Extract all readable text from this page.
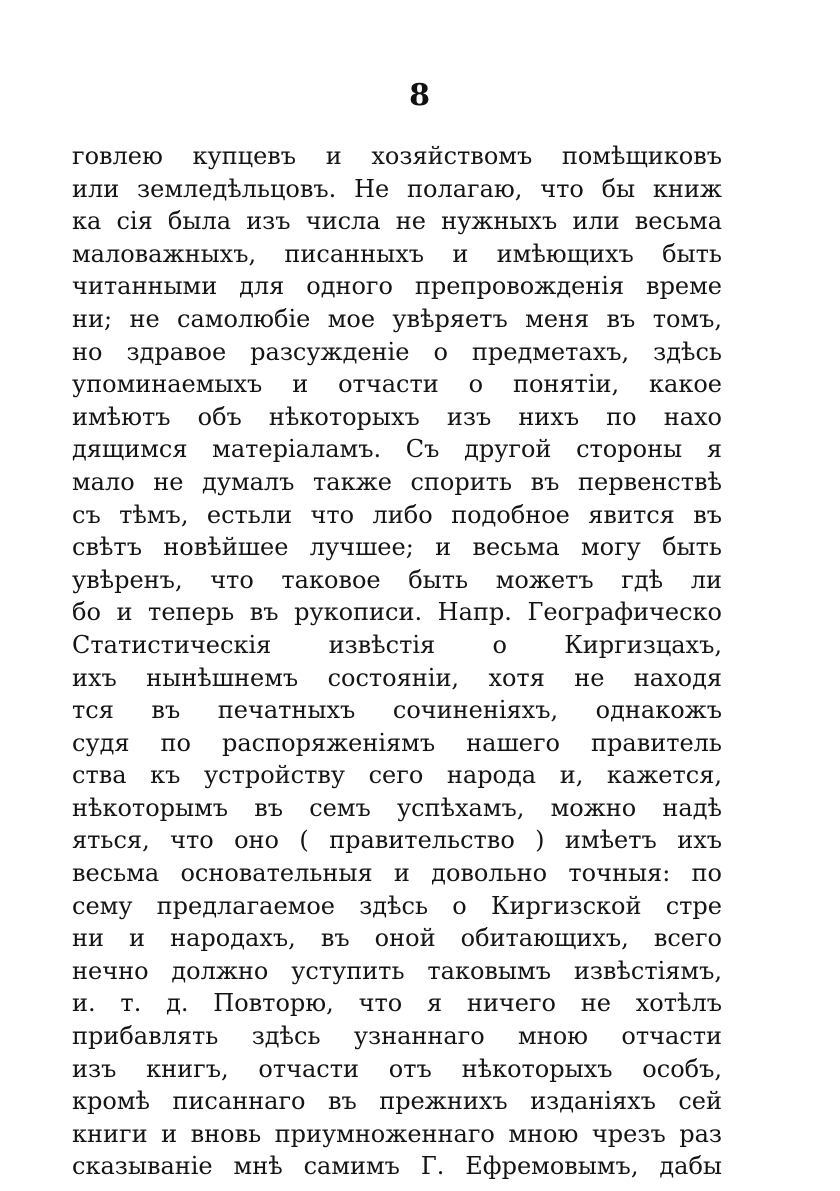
8
говлею купцевъ и хозяйствомъ помѣщиковъ
или земледѣльцовъ. Не полагаю, что бы книж
ка сія была изъ числа не нужныхъ или весьма
маловажныхъ, писанныхъ и имѣющихъ быть
читанными для одного препровожденія време
ни; не самолюбіе мое увѣряетъ меня въ томъ,
но здравое разсужденіе о предметахъ, здѣсь
упоминаемыхъ и отчасти о понятіи, какое
имѣютъ объ нѣкоторыхъ изъ нихъ по нахо
дящимся матеріаламъ. Съ другой стороны я
мало не думалъ также спорить въ первенствѣ
съ тѣмъ, естьли что либо подобное явится въ
свѣтъ новѣйшее лучшее; и весьма могу быть
увѣренъ, что таковое быть можетъ гдѣ ли
бо и теперь въ рукописи. Напр. Географическо
Статистическія извѣстія о Киргизцахъ,
ихъ нынѣшнемъ состояніи, хотя не находя
тся въ печатныхъ сочиненіяхъ, однакожъ
судя по распоряженіямъ нашего правитель
ства къ устройству сего народа и, кажется,
нѣкоторымъ въ семъ успѣхамъ, можно надѣ
яться, что оно ( правительство ) имѣетъ ихъ
весьма основательныя и довольно точныя: по
сему предлагаемое здѣсь о Киргизской стре
ни и народахъ, въ оной обитающихъ, всего
нечно должно уступить таковымъ извѣстіямъ,
и. т. д. Повторю, что я ничего не хотѣлъ
прибавлять здѣсь узнаннаго мною отчасти
изъ книгъ, отчасти отъ нѣкоторыхъ особъ,
кромѣ писаннаго въ прежнихъ изданіяхъ сей
книги и вновь приумноженнаго мною чрезъ раз
сказываніе мнѣ самимъ Г. Ефремовымъ, дабы
